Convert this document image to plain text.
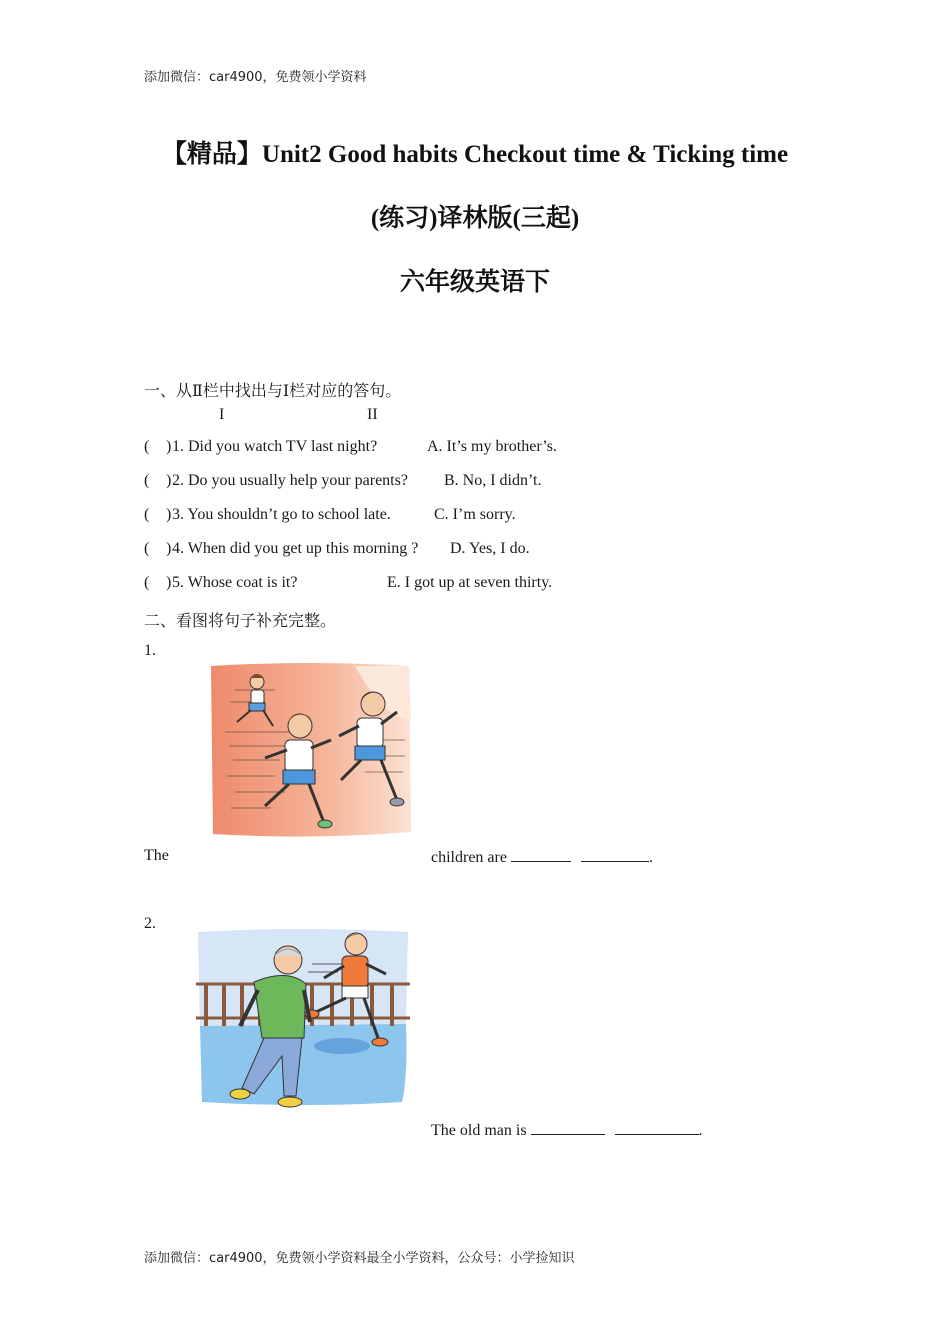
添加微信：car4900，免费领小学资料
【精品】Unit2 Good habits Checkout time & Ticking time
(练习)译林版(三起)
六年级英语下
一、从Ⅱ栏中找出与Ⅰ栏对应的答句。
I	II
( ) 1. Did you watch TV last night?	A. It’s my brother’s.
( ) 2. Do you usually help your parents? B. No, I didn’t.
( ) 3. You shouldn’t go to school late.	C. I’m sorry.
( ) 4. When did you get up this morning ? D. Yes, I do.
( ) 5. Whose coat is it?	E. I got up at seven thirty.
二、看图将句子补充完整。
1.
The	children are	.
2.
The old man is	.
添加微信：car4900，免费领小学资料最全小学资料，公众号：小学捡知识
